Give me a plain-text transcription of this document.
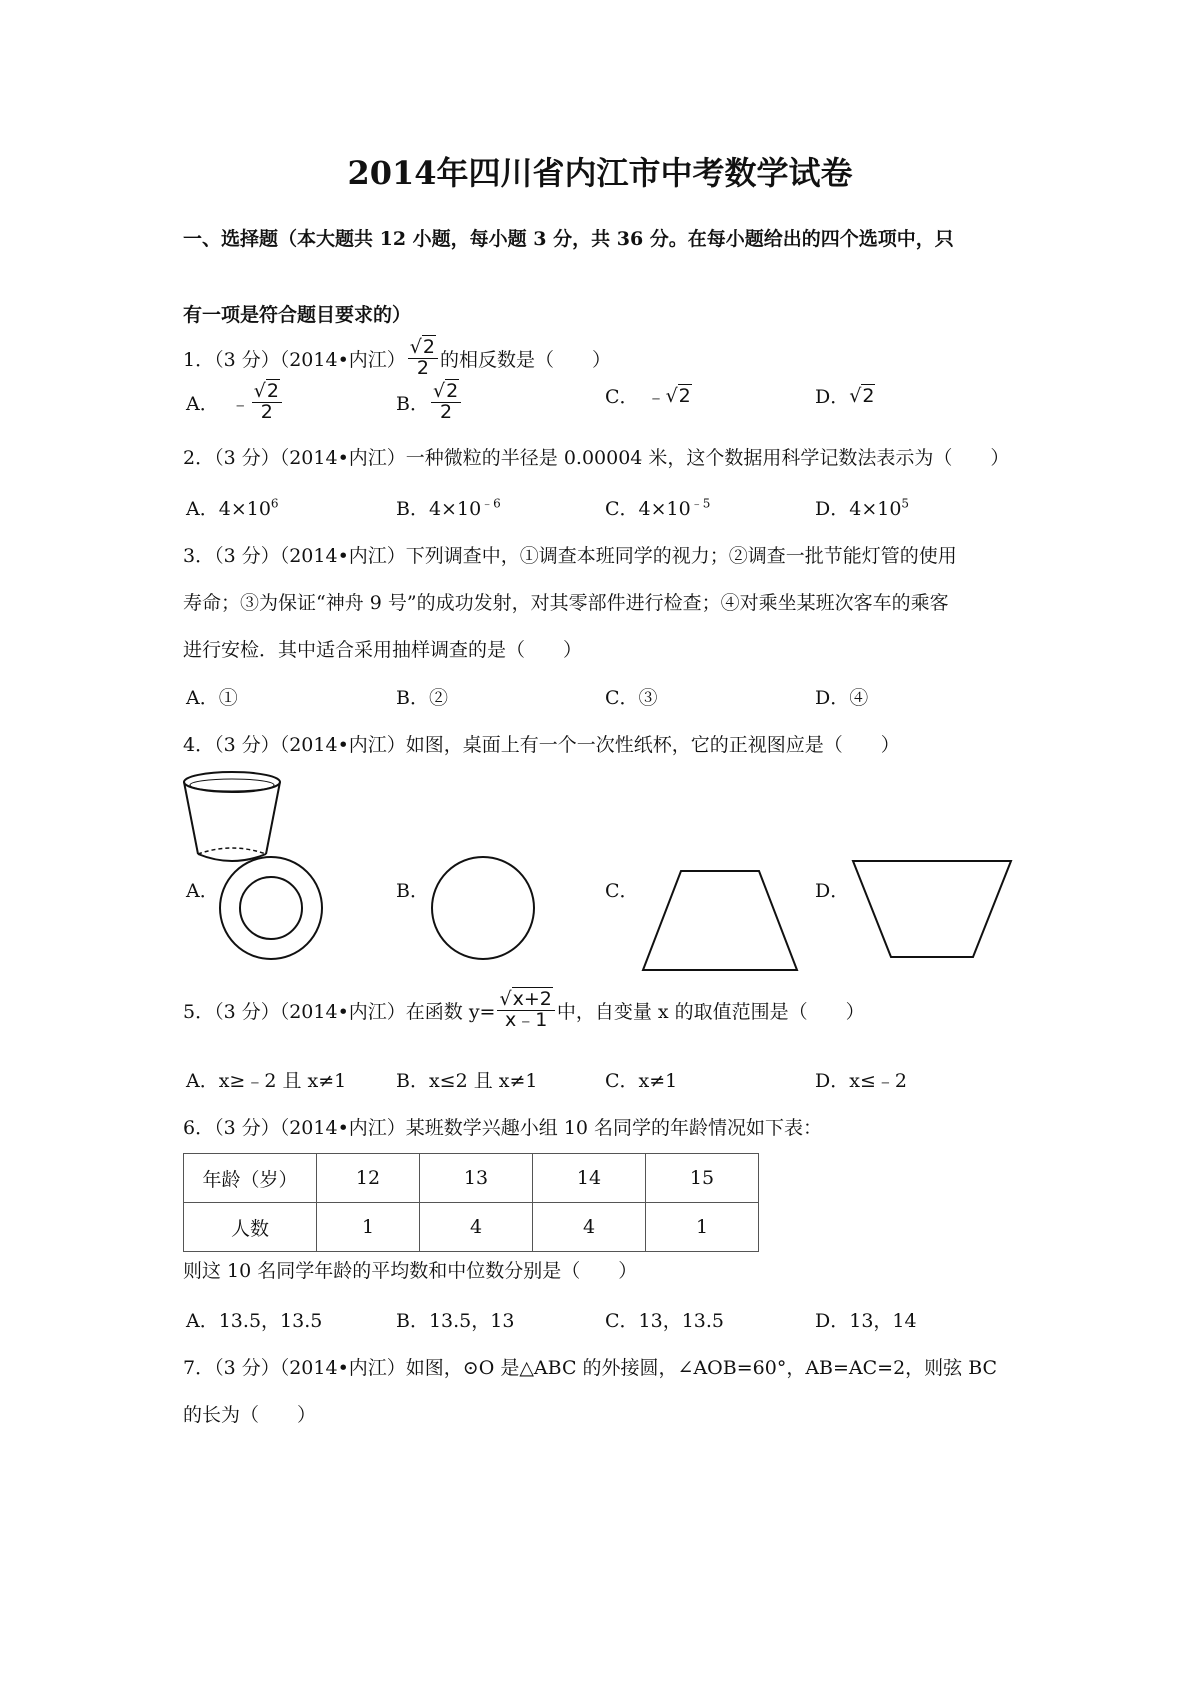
2014年四川省内江市中考数学试卷
一、选择题（本大题共 12 小题，每小题 3 分，共 36 分。在每小题给出的四个选项中，只
有一项是符合题目要求的）
1．（3 分）（2014•内江） $\frac{√2}{2}$ 的相反数是（　　）
A． ﹣ $\frac{√2}{2}$	B． $\frac{√2}{2}$	C． ﹣ √2	D． √2
2．（3 分）（2014•内江）一种微粒的半径是 0.00004 米，这个数据用科学记数法表示为（　　）
A．$4\times 10^6$	B．$4\times 10^{﹣6}$	C．$4\times 10^{﹣5}$	D．$4\times 10^5$
3．（3 分）（2014•内江）下列调查中，①调查本班同学的视力；②调查一批节能灯管的使用
寿命；③为保证“神舟 9 号”的成功发射，对其零部件进行检查；④对乘坐某班次客车的乘客
进行安检．其中适合采用抽样调查的是（　　）
A．①	B．②	C．③	D．④
4．（3 分）（2014•内江）如图，桌面上有一个一次性纸杯，它的正视图应是（　　）
A．	B．	C．	D．
5．（3 分）（2014•内江）在函数 $y= \frac{√x+2}{x﹣1}$ 中，自变量 x 的取值范围是（　　）
A．x≥﹣2 且 x≠1	B．x≤2 且 x≠1	C．x≠1	D．x≤﹣2
6．（3 分）（2014•内江）某班数学兴趣小组 10 名同学的年龄情况如下表：
年龄（岁）	12	13	14	15
人数	1	4	4	1
则这 10 名同学年龄的平均数和中位数分别是（　　）
A．13.5，13.5	B．13.5，13	C．13，13.5	D．13，14
7．（3 分）（2014•内江）如图，⊙O 是△ABC 的外接圆，∠AOB=60°，AB=AC=2，则弦 BC
的长为（　　）
